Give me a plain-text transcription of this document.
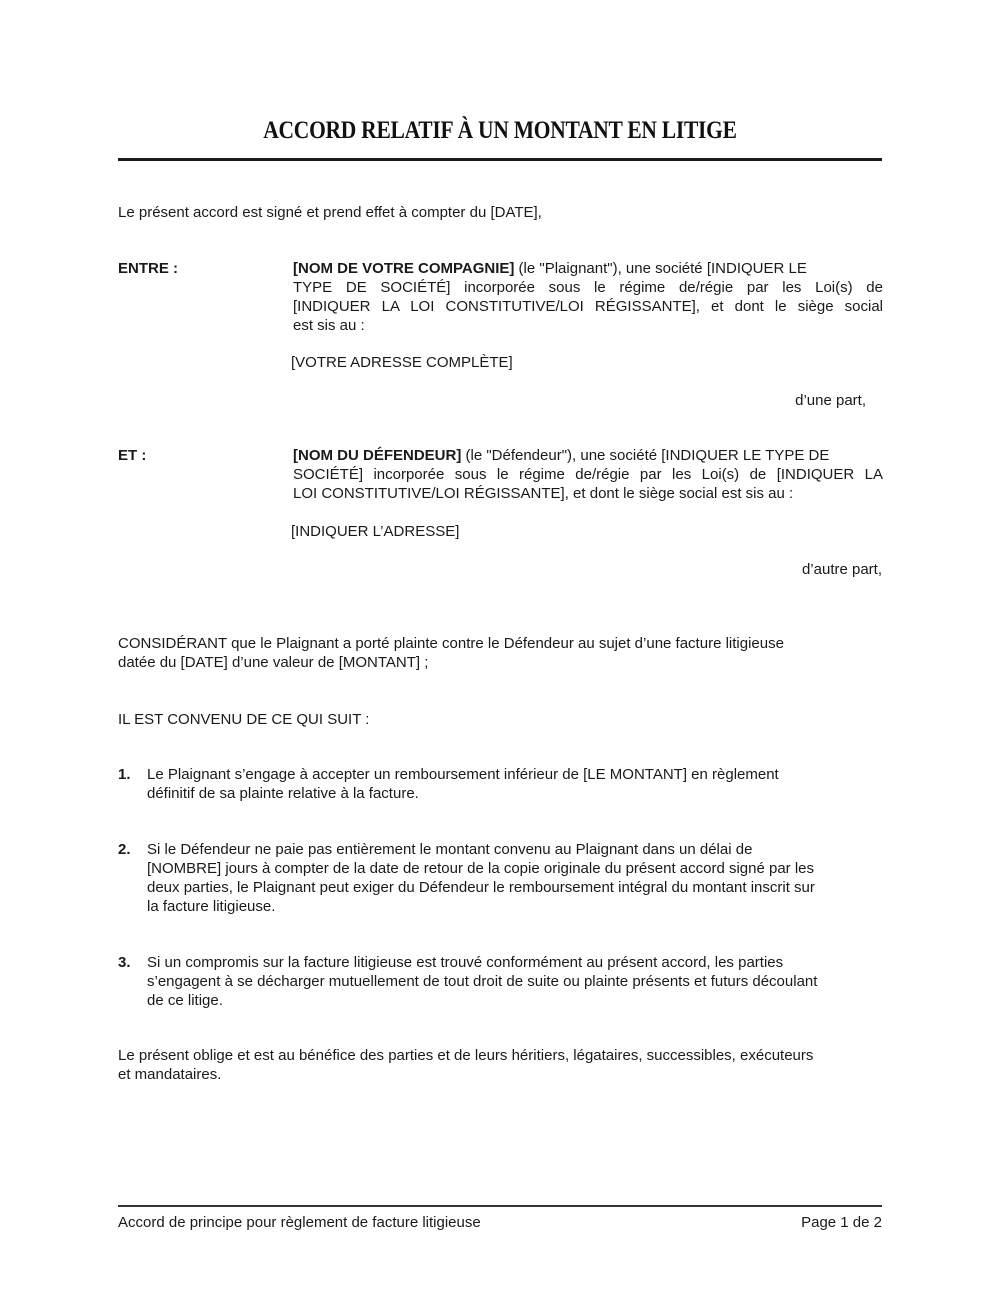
ACCORD RELATIF À UN MONTANT EN LITIGE
Le présent accord est signé et prend effet à compter du [DATE],
ENTRE :	[NOM DE VOTRE COMPAGNIE] (le "Plaignant"), une société [INDIQUER LE
TYPE DE SOCIÉTÉ] incorporée sous le régime de/régie par les Loi(s) de
[INDIQUER LA LOI CONSTITUTIVE/LOI RÉGISSANTE], et dont le siège social
est sis au :
[VOTRE ADRESSE COMPLÈTE]
d’une part,
ET :	[NOM DU DÉFENDEUR] (le "Défendeur"), une société [INDIQUER LE TYPE DE
SOCIÉTÉ] incorporée sous le régime de/régie par les Loi(s) de [INDIQUER LA
LOI CONSTITUTIVE/LOI RÉGISSANTE], et dont le siège social est sis au :
[INDIQUER L’ADRESSE]
d’autre part,
CONSIDÉRANT que le Plaignant a porté plainte contre le Défendeur au sujet d’une facture litigieuse
datée du [DATE] d’une valeur de [MONTANT] ;
IL EST CONVENU DE CE QUI SUIT :
1. Le Plaignant s’engage à accepter un remboursement inférieur de [LE MONTANT] en règlement
définitif de sa plainte relative à la facture.
2. Si le Défendeur ne paie pas entièrement le montant convenu au Plaignant dans un délai de
[NOMBRE] jours à compter de la date de retour de la copie originale du présent accord signé par les
deux parties, le Plaignant peut exiger du Défendeur le remboursement intégral du montant inscrit sur
la facture litigieuse.
3. Si un compromis sur la facture litigieuse est trouvé conformément au présent accord, les parties
s’engagent à se décharger mutuellement de tout droit de suite ou plainte présents et futurs découlant
de ce litige.
Le présent oblige et est au bénéfice des parties et de leurs héritiers, légataires, successibles, exécuteurs
et mandataires.
Accord de principe pour règlement de facture litigieuse	Page 1 de 2
